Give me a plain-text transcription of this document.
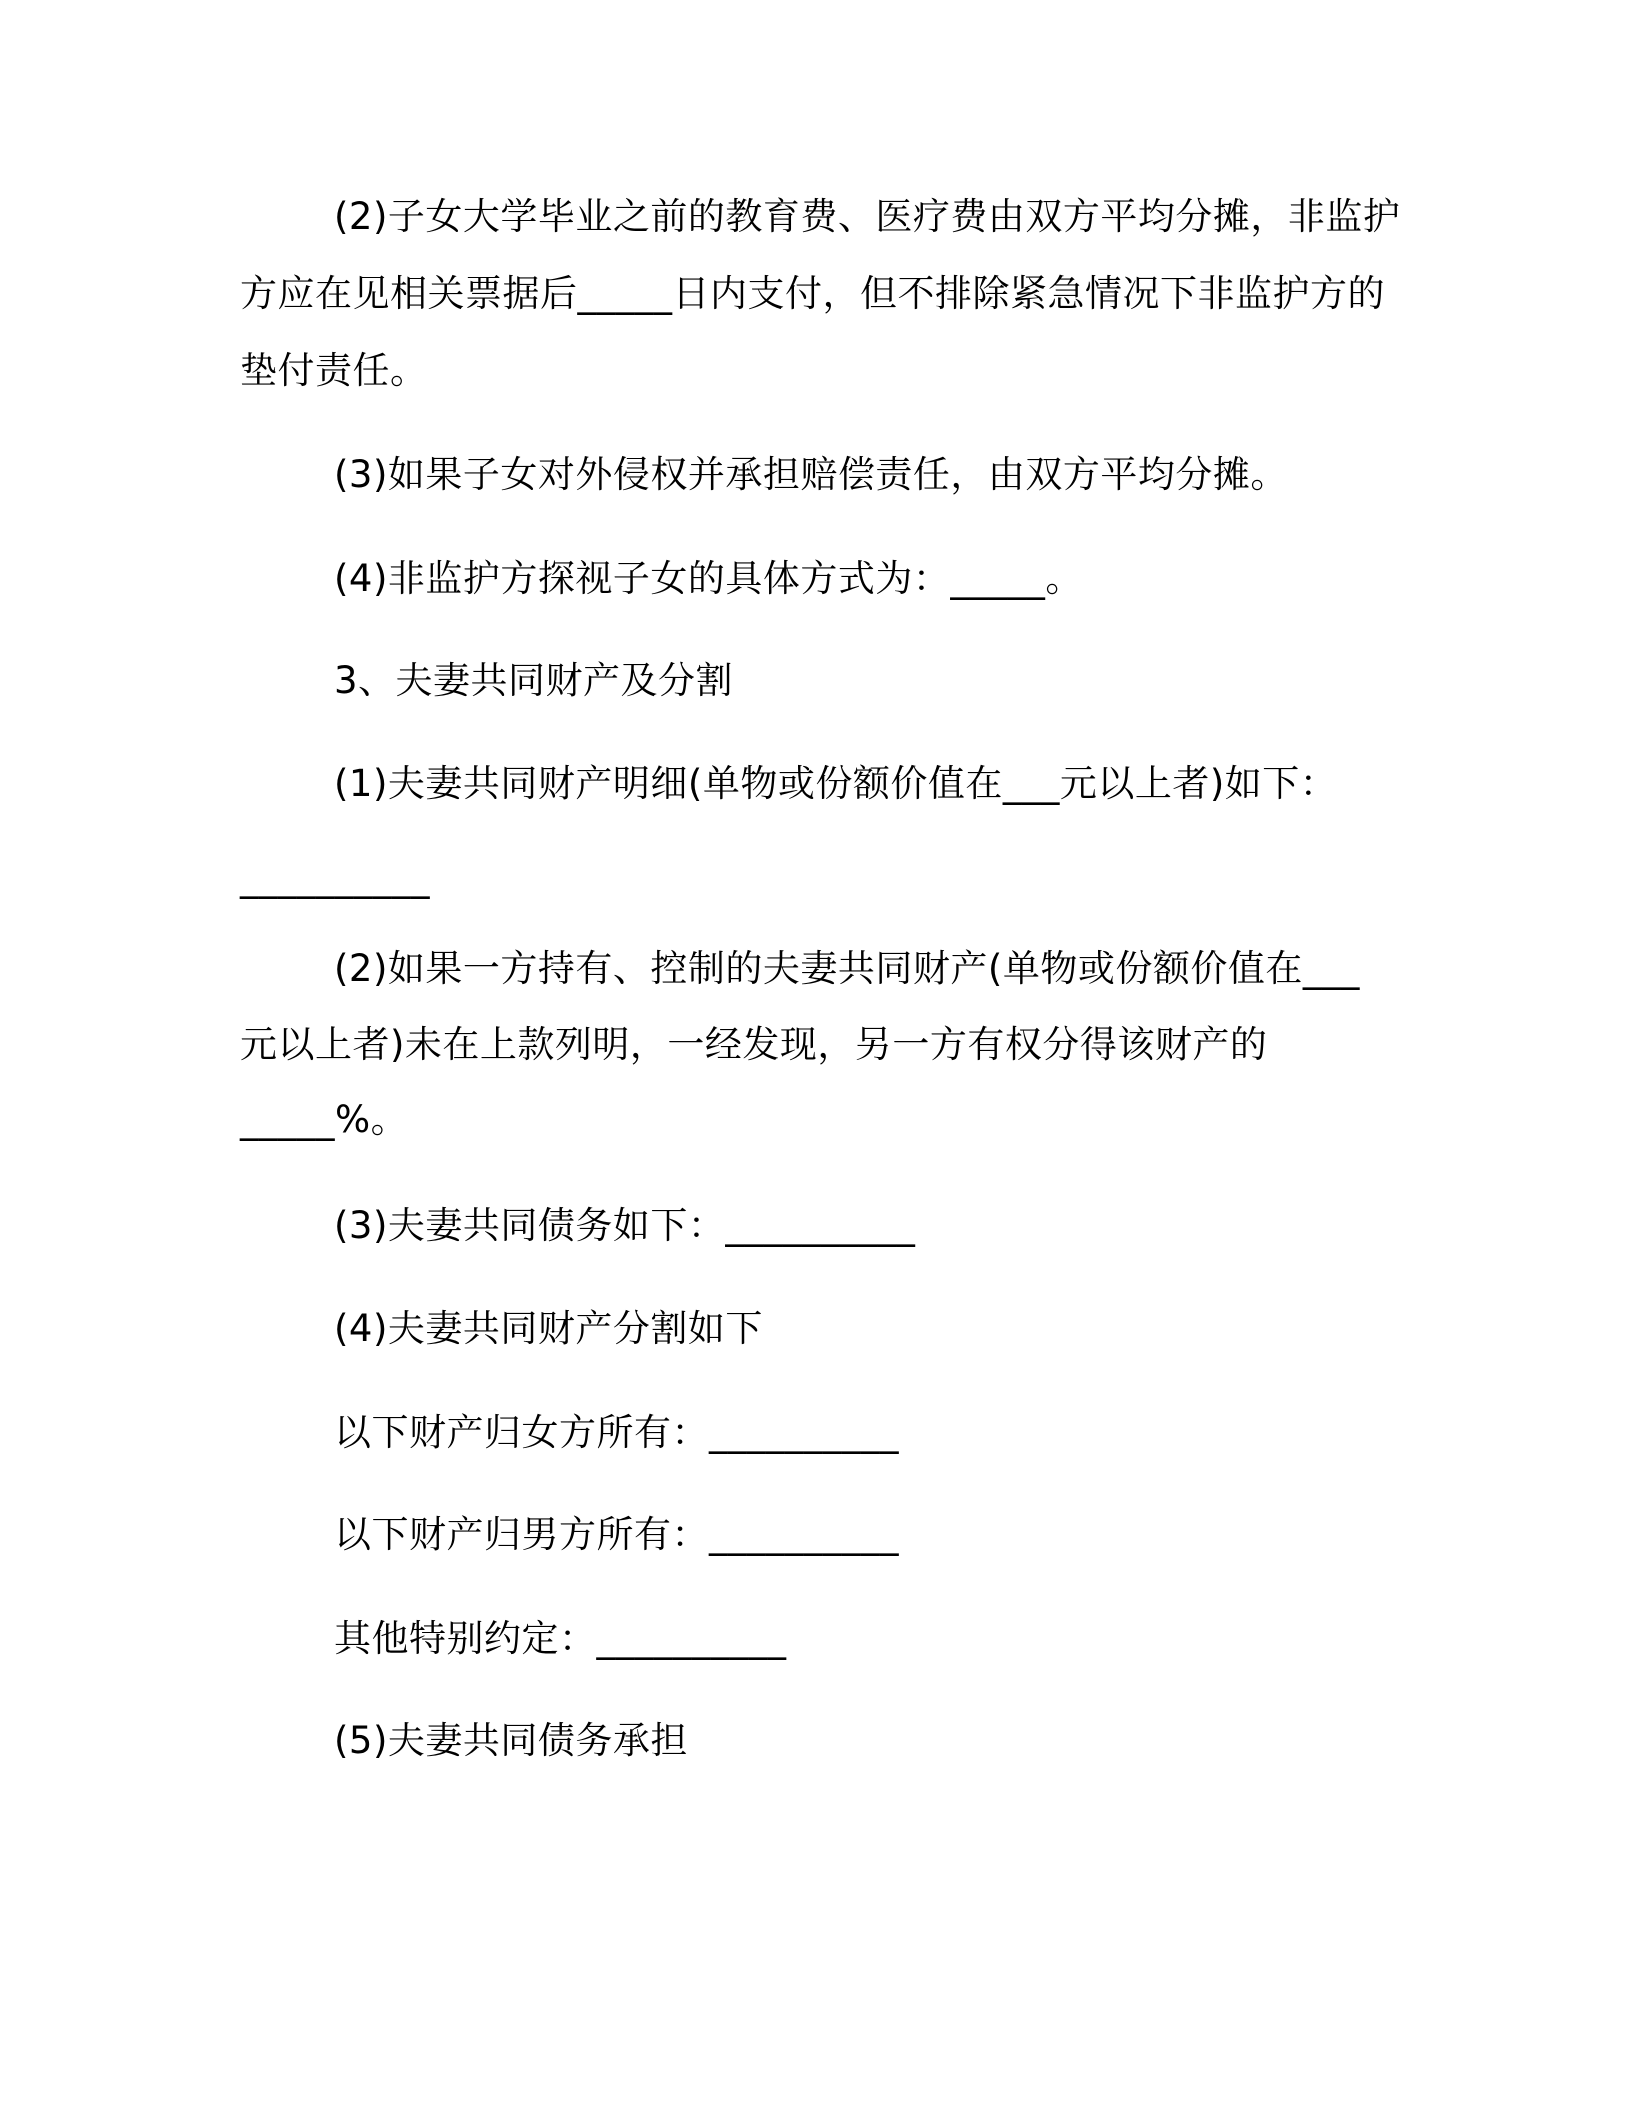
(2)子女大学毕业之前的教育费、医疗费由双方平均分摊，非监护
方应在见相关票据后_____日内支付，但不排除紧急情况下非监护方的
垫付责任。
(3)如果子女对外侵权并承担赔偿责任，由双方平均分摊。
(4)非监护方探视子女的具体方式为：_____。
3、夫妻共同财产及分割
(1)夫妻共同财产明细(单物或份额价值在___元以上者)如下：
__________
(2)如果一方持有、控制的夫妻共同财产(单物或份额价值在___
元以上者)未在上款列明，一经发现，另一方有权分得该财产的
_____%。
(3)夫妻共同债务如下：__________
(4)夫妻共同财产分割如下
以下财产归女方所有：__________
以下财产归男方所有：__________
其他特别约定：__________
(5)夫妻共同债务承担
